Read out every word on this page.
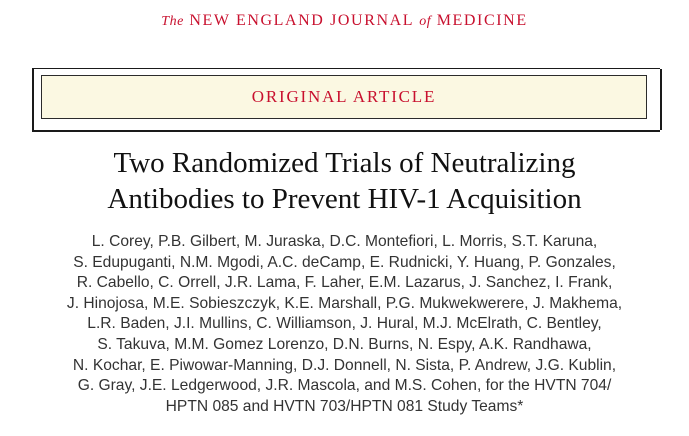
The NEW ENGLAND JOURNAL of MEDICINE
ORIGINAL ARTICLE
Two Randomized Trials of Neutralizing
Antibodies to Prevent HIV-1 Acquisition
L. Corey, P.B. Gilbert, M. Juraska, D.C. Montefiori, L. Morris, S.T. Karuna,
S. Edupuganti, N.M. Mgodi, A.C. deCamp, E. Rudnicki, Y. Huang, P. Gonzales,
R. Cabello, C. Orrell, J.R. Lama, F. Laher, E.M. Lazarus, J. Sanchez, I. Frank,
J. Hinojosa, M.E. Sobieszczyk, K.E. Marshall, P.G. Mukwekwerere, J. Makhema,
L.R. Baden, J.I. Mullins, C. Williamson, J. Hural, M.J. McElrath, C. Bentley,
S. Takuva, M.M. Gomez Lorenzo, D.N. Burns, N. Espy, A.K. Randhawa,
N. Kochar, E. Piwowar-Manning, D.J. Donnell, N. Sista, P. Andrew, J.G. Kublin,
G. Gray, J.E. Ledgerwood, J.R. Mascola, and M.S. Cohen, for the HVTN 704/
HPTN 085 and HVTN 703/HPTN 081 Study Teams*
